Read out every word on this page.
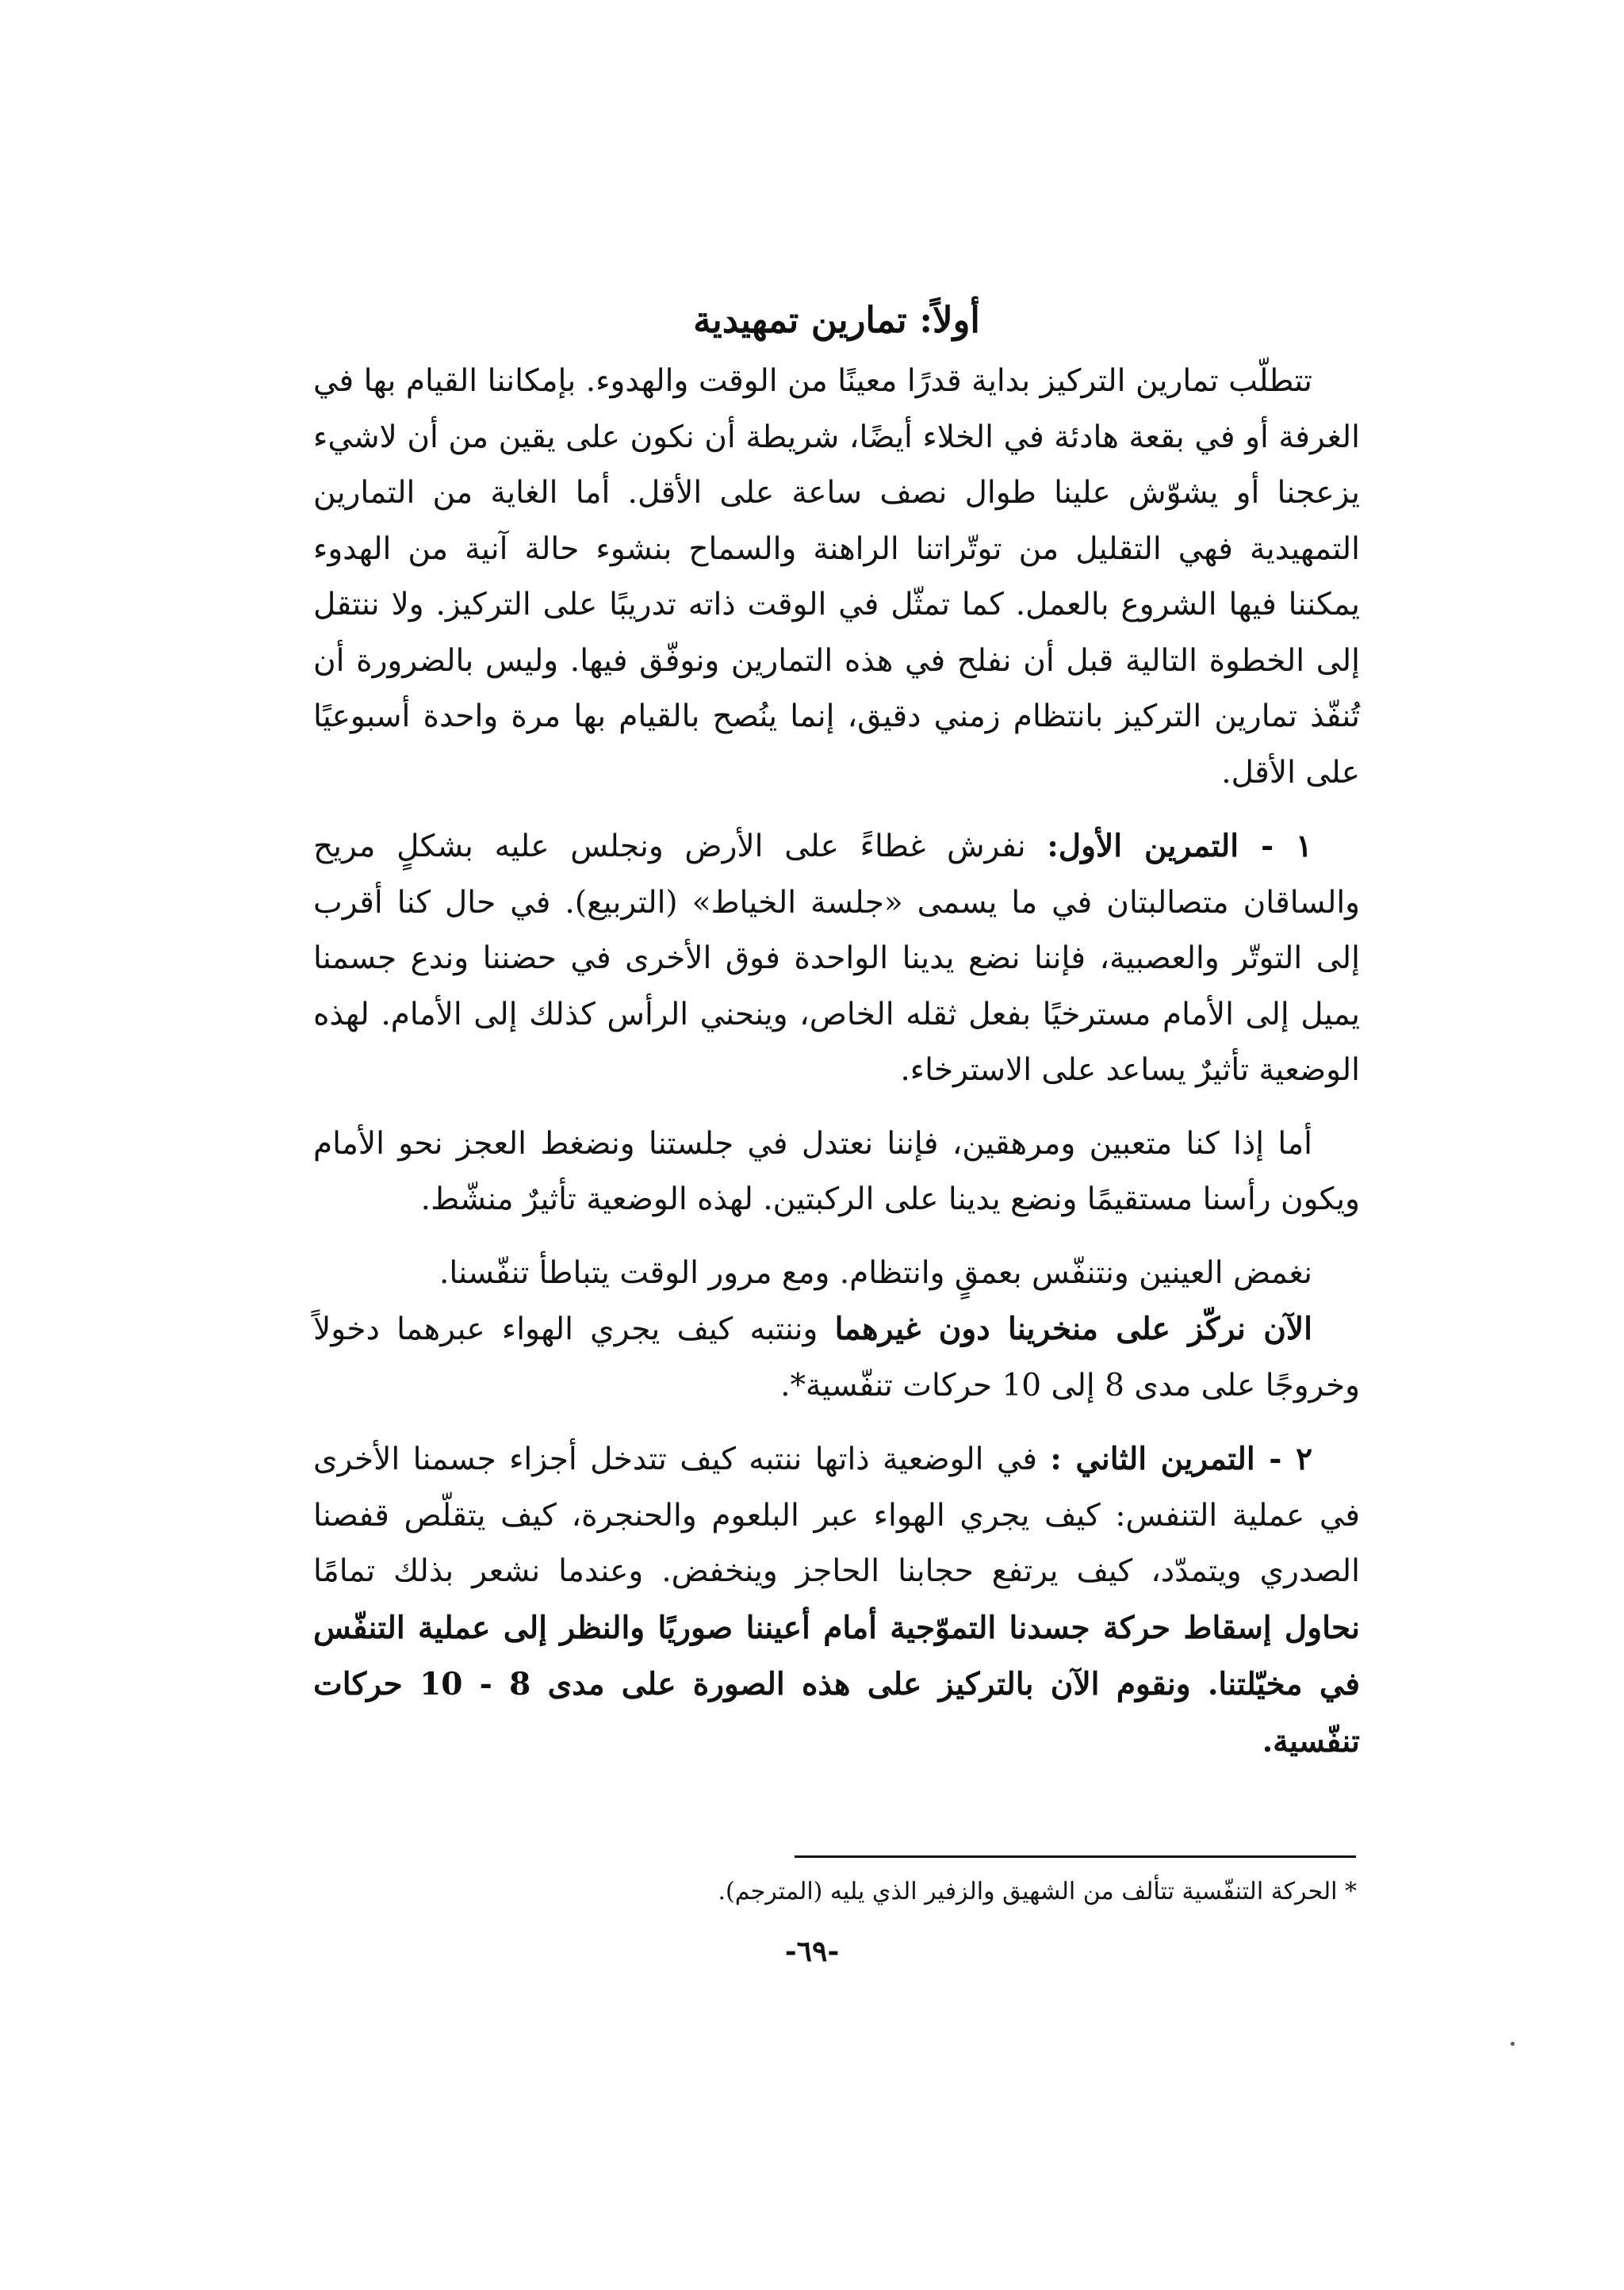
أولاً: تمارين تمهيدية

تتطلّب تمارين التركيز بداية قدرًا معينًا من الوقت والهدوء. بإمكاننا القيام بها في الغرفة أو في بقعة هادئة في الخلاء أيضًا، شريطة أن نكون على يقين من أن لاشيء يزعجنا أو يشوّش علينا طوال نصف ساعة على الأقل. أما الغاية من التمارين التمهيدية فهي التقليل من توتّراتنا الراهنة والسماح بنشوء حالة آنية من الهدوء يمكننا فيها الشروع بالعمل. كما تمثّل في الوقت ذاته تدريبًا على التركيز. ولا ننتقل إلى الخطوة التالية قبل أن نفلح في هذه التمارين ونوفّق فيها. وليس بالضرورة أن تُنفّذ تمارين التركيز بانتظام زمني دقيق، إنما ينُصح بالقيام بها مرة واحدة أسبوعيًا على الأقل.

١ - التمرين الأول: نفرش غطاءً على الأرض ونجلس عليه بشكلٍ مريح والساقان متصالبتان في ما يسمى «جلسة الخياط» (التربيع). في حال كنا أقرب إلى التوتّر والعصبية، فإننا نضع يدينا الواحدة فوق الأخرى في حضننا وندع جسمنا يميل إلى الأمام مسترخيًا بفعل ثقله الخاص، وينحني الرأس كذلك إلى الأمام. لهذه الوضعية تأثيرٌ يساعد على الاسترخاء.

أما إذا كنا متعبين ومرهقين، فإننا نعتدل في جلستنا ونضغط العجز نحو الأمام ويكون رأسنا مستقيمًا ونضع يدينا على الركبتين. لهذه الوضعية تأثيرٌ منشّط.

نغمض العينين ونتنفّس بعمقٍ وانتظام. ومع مرور الوقت يتباطأ تنفّسنا.

الآن نركّز على منخرينا دون غيرهما وننتبه كيف يجري الهواء عبرهما دخولاً وخروجًا على مدى 8 إلى 10 حركات تنفّسية*.

٢ - التمرين الثاني : في الوضعية ذاتها ننتبه كيف تتدخل أجزاء جسمنا الأخرى في عملية التنفس: كيف يجري الهواء عبر البلعوم والحنجرة، كيف يتقلّص قفصنا الصدري ويتمدّد، كيف يرتفع حجابنا الحاجز وينخفض. وعندما نشعر بذلك تمامًا نحاول إسقاط حركة جسدنا التموّجية أمام أعيننا صوريًا والنظر إلى عملية التنفّس في مخيّلتنا. ونقوم الآن بالتركيز على هذه الصورة على مدى 8 - 10 حركات تنفّسية.

* الحركة التنفّسية تتألف من الشهيق والزفير الذي يليه (المترجم).
-٦٩-
